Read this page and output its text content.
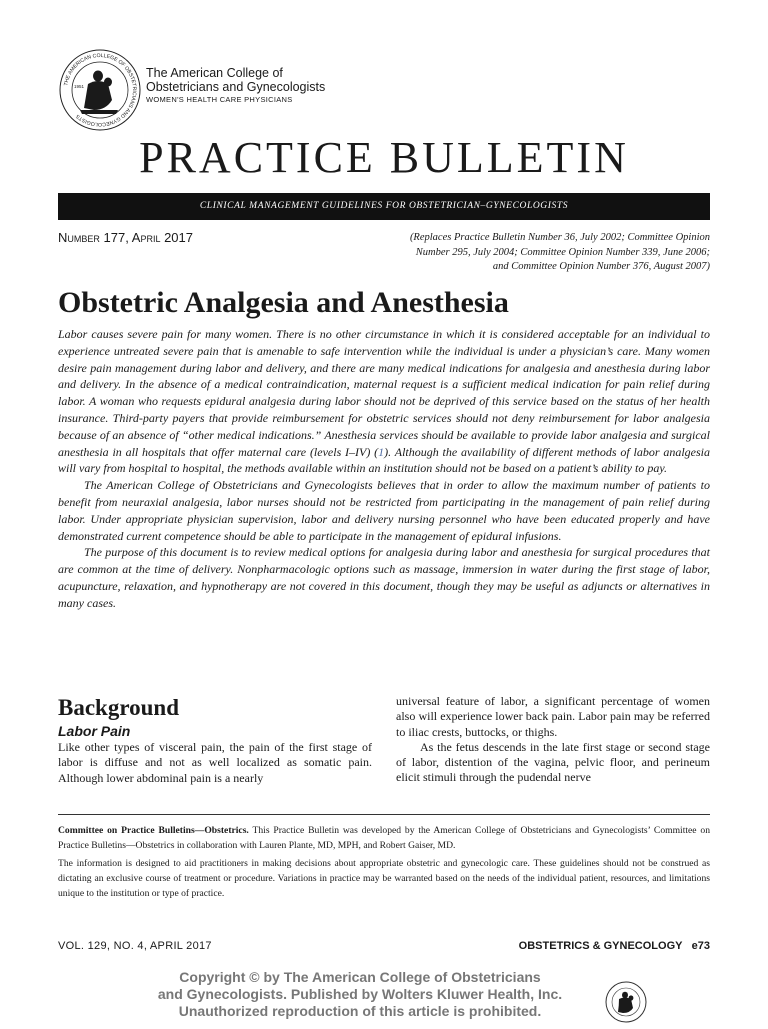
THE AMERICAN COLLEGE OF OBSTETRICIANS AND GYNECOLOGISTS
1951
The American College of
Obstetricians and Gynecologists
WOMEN'S HEALTH CARE PHYSICIANS
PRACTICE BULLETIN
CLINICAL MANAGEMENT GUIDELINES FOR OBSTETRICIAN–GYNECOLOGISTS
Number 177, April 2017	(Replaces Practice Bulletin Number 36, July 2002; Committee Opinion
Number 295, July 2004; Committee Opinion Number 339, June 2006;
and Committee Opinion Number 376, August 2007)
Obstetric Analgesia and Anesthesia

Labor causes severe pain for many women. There is no other circumstance in which it is considered acceptable for an individual to experience untreated severe pain that is amenable to safe intervention while the individual is under a physician’s care. Many women desire pain management during labor and delivery, and there are many medical indications for analgesia and anesthesia during labor and delivery. In the absence of a medical contraindication, maternal request is a sufficient medical indication for pain relief during labor. A woman who requests epidural analgesia during labor should not be deprived of this service based on the status of her health insurance. Third-party payers that provide reimbursement for obstetric services should not deny reimbursement for labor analgesia because of an absence of “other medical indications.” Anesthesia services should be available to provide labor analgesia and surgical anesthesia in all hospitals that offer maternal care (levels I–IV) (1). Although the availability of different methods of labor analgesia will vary from hospital to hospital, the methods available within an institution should not be based on a patient’s ability to pay.

The American College of Obstetricians and Gynecologists believes that in order to allow the maximum number of patients to benefit from neuraxial analgesia, labor nurses should not be restricted from participating in the management of pain relief during labor. Under appropriate physician supervision, labor and delivery nursing personnel who have been educated properly and have demonstrated current competence should be able to participate in the management of epidural infusions.

The purpose of this document is to review medical options for analgesia during labor and anesthesia for surgical procedures that are common at the time of delivery. Nonpharmacologic options such as massage, immersion in water during the first stage of labor, acupuncture, relaxation, and hypnotherapy are not covered in this document, though they may be useful as adjuncts or alternatives in many cases.

Background
Labor Pain

Like other types of visceral pain, the pain of the first stage of labor is diffuse and not as well localized as somatic pain. Although lower abdominal pain is a nearly

universal feature of labor, a significant percentage of women also will experience lower back pain. Labor pain may be referred to iliac crests, buttocks, or thighs.

As the fetus descends in the late first stage or second stage of labor, distention of the vagina, pelvic floor, and perineum elicit stimuli through the pudendal nerve

Committee on Practice Bulletins—Obstetrics. This Practice Bulletin was developed by the American College of Obstetricians and Gynecologists’ Committee on Practice Bulletins—Obstetrics in collaboration with Lauren Plante, MD, MPH, and Robert Gaiser, MD.

The information is designed to aid practitioners in making decisions about appropriate obstetric and gynecologic care. These guidelines should not be construed as dictating an exclusive course of treatment or procedure. Variations in practice may be warranted based on the needs of the individual patient, resources, and limitations unique to the institution or type of practice.

VOL. 129, NO. 4, APRIL 2017	OBSTETRICS & GYNECOLOGY e73
Copyright © by The American College of Obstetricians
and Gynecologists. Published by Wolters Kluwer Health, Inc.
Unauthorized reproduction of this article is prohibited.
